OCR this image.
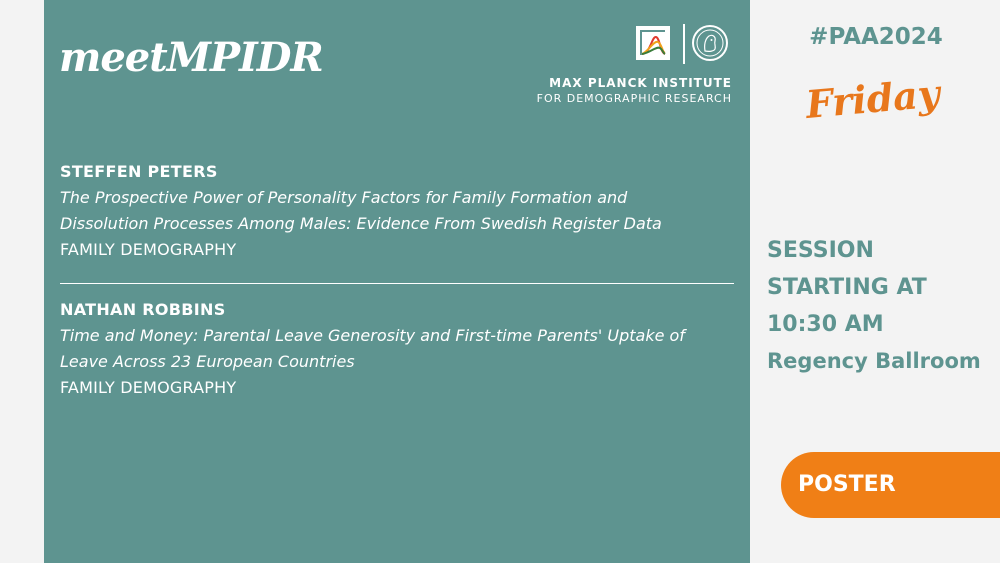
meetMPIDR
MAX PLANCK INSTITUTE
FOR DEMOGRAPHIC RESEARCH
STEFFEN PETERS
The Prospective Power of Personality Factors for Family Formation and
Dissolution Processes Among Males: Evidence From Swedish Register Data
FAMILY DEMOGRAPHY
NATHAN ROBBINS
Time and Money: Parental Leave Generosity and First-time Parents' Uptake of
Leave Across 23 European Countries
FAMILY DEMOGRAPHY
#PAA2024
Friday
SESSION
STARTING AT
10:30 AM
Regency Ballroom
POSTER
